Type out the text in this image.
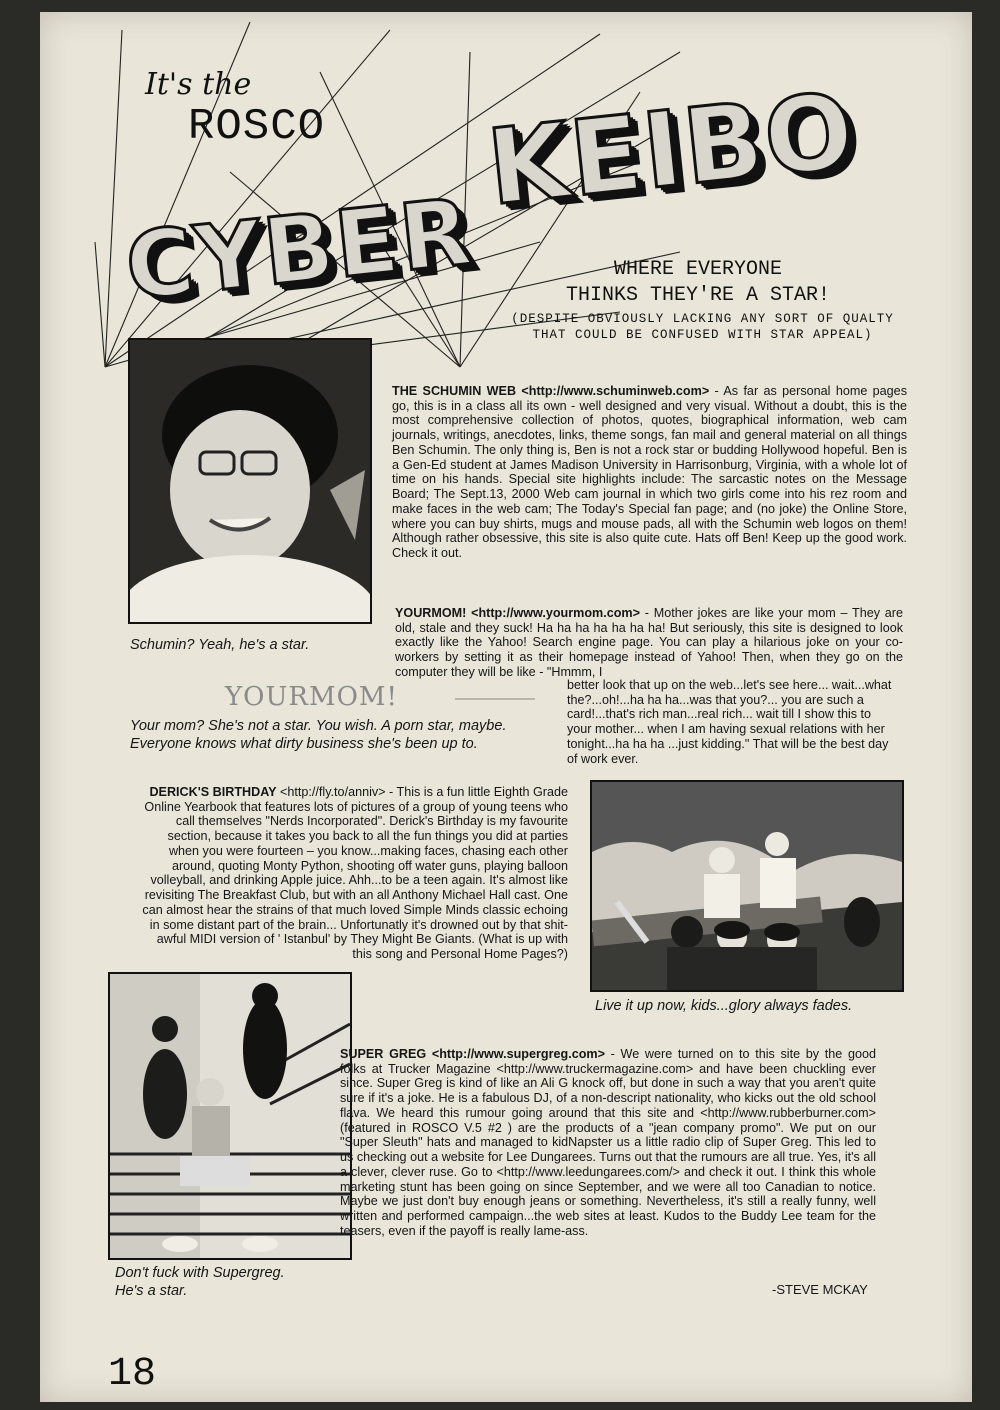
It's the
ROSCO
CYBER
KEIBO
WHERE EVERYONE
THINKS THEY'RE A STAR!
(DESPITE OBVIOUSLY LACKING ANY SORT OF QUALTY
THAT COULD BE CONFUSED WITH STAR APPEAL)
Schumin? Yeah, he's a star.
THE SCHUMIN WEB <http://www.schuminweb.com> - As far as personal home pages go, this is in a class all its own - well designed and very visual. Without a doubt, this is the most comprehensive collection of photos, quotes, biographical information, web cam journals, writings, anecdotes, links, theme songs, fan mail and general material on all things Ben Schumin. The only thing is, Ben is not a rock star or budding Hollywood hopeful. Ben is a Gen-Ed student at James Madison University in Harrisonburg, Virginia, with a whole lot of time on his hands. Special site highlights include: The sarcastic notes on the Message Board; The Sept.13, 2000 Web cam journal in which two girls come into his rez room and make faces in the web cam; The Today's Special fan page; and (no joke) the Online Store, where you can buy shirts, mugs and mouse pads, all with the Schumin web logos on them! Although rather obsessive, this site is also quite cute. Hats off Ben! Keep up the good work. Check it out.
YOURMOM! <http://www.yourmom.com> - Mother jokes are like your mom – They are old, stale and they suck! Ha ha ha ha ha ha ha! But seriously, this site is designed to look exactly like the Yahoo! Search engine page. You can play a hilarious joke on your co-workers by setting it as their homepage instead of Yahoo! Then, when they go on the computer they will be like - "Hmmm, I
better look that up on the web...let's see here... wait...what the?...oh!...ha ha ha...was that you?... you are such a card!...that's rich man...real rich... wait till I show this to your mother... when I am having sexual relations with her tonight...ha ha ha ...just kidding." That will be the best day of work ever.
YOURMOM!
Your mom? She's not a star. You wish. A porn star, maybe. Everyone knows what dirty business she's been up to.
DERICK'S BIRTHDAY <http://fly.to/anniv> - This is a fun little Eighth Grade Online Yearbook that features lots of pictures of a group of young teens who call themselves "Nerds Incorporated". Derick's Birthday is my favourite section, because it takes you back to all the fun things you did at parties when you were fourteen – you know...making faces, chasing each other around, quoting Monty Python, shooting off water guns, playing balloon volleyball, and drinking Apple juice. Ahh...to be a teen again. It's almost like revisiting The Breakfast Club, but with an all Anthony Michael Hall cast. One can almost hear the strains of that much loved Simple Minds classic echoing in some distant part of the brain... Unfortunatly it's drowned out by that shit-awful MIDI version of ' Istanbul' by They Might Be Giants. (What is up with this song and Personal Home Pages?)
Live it up now, kids...glory always fades.
Don't fuck with Supergreg.
He's a star.
SUPER GREG <http://www.supergreg.com> - We were turned on to this site by the good folks at Trucker Magazine <http://www.truckermagazine.com> and have been chuckling ever since. Super Greg is kind of like an Ali G knock off, but done in such a way that you aren't quite sure if it's a joke. He is a fabulous DJ, of a non-descript nationality, who kicks out the old school flava. We heard this rumour going around that this site and <http://www.rubberburner.com> (featured in ROSCO V.5 #2 ) are the products of a "jean company promo". We put on our "Super Sleuth" hats and managed to kidNapster us a little radio clip of Super Greg. This led to us checking out a website for Lee Dungarees. Turns out that the rumours are all true. Yes, it's all a clever, clever ruse. Go to <http://www.leedungarees.com/> and check it out. I think this whole marketing stunt has been going on since September, and we were all too Canadian to notice. Maybe we just don't buy enough jeans or something. Nevertheless, it's still a really funny, well written and performed campaign...the web sites at least. Kudos to the Buddy Lee team for the teasers, even if the payoff is really lame-ass.
-STEVE MCKAY
18
